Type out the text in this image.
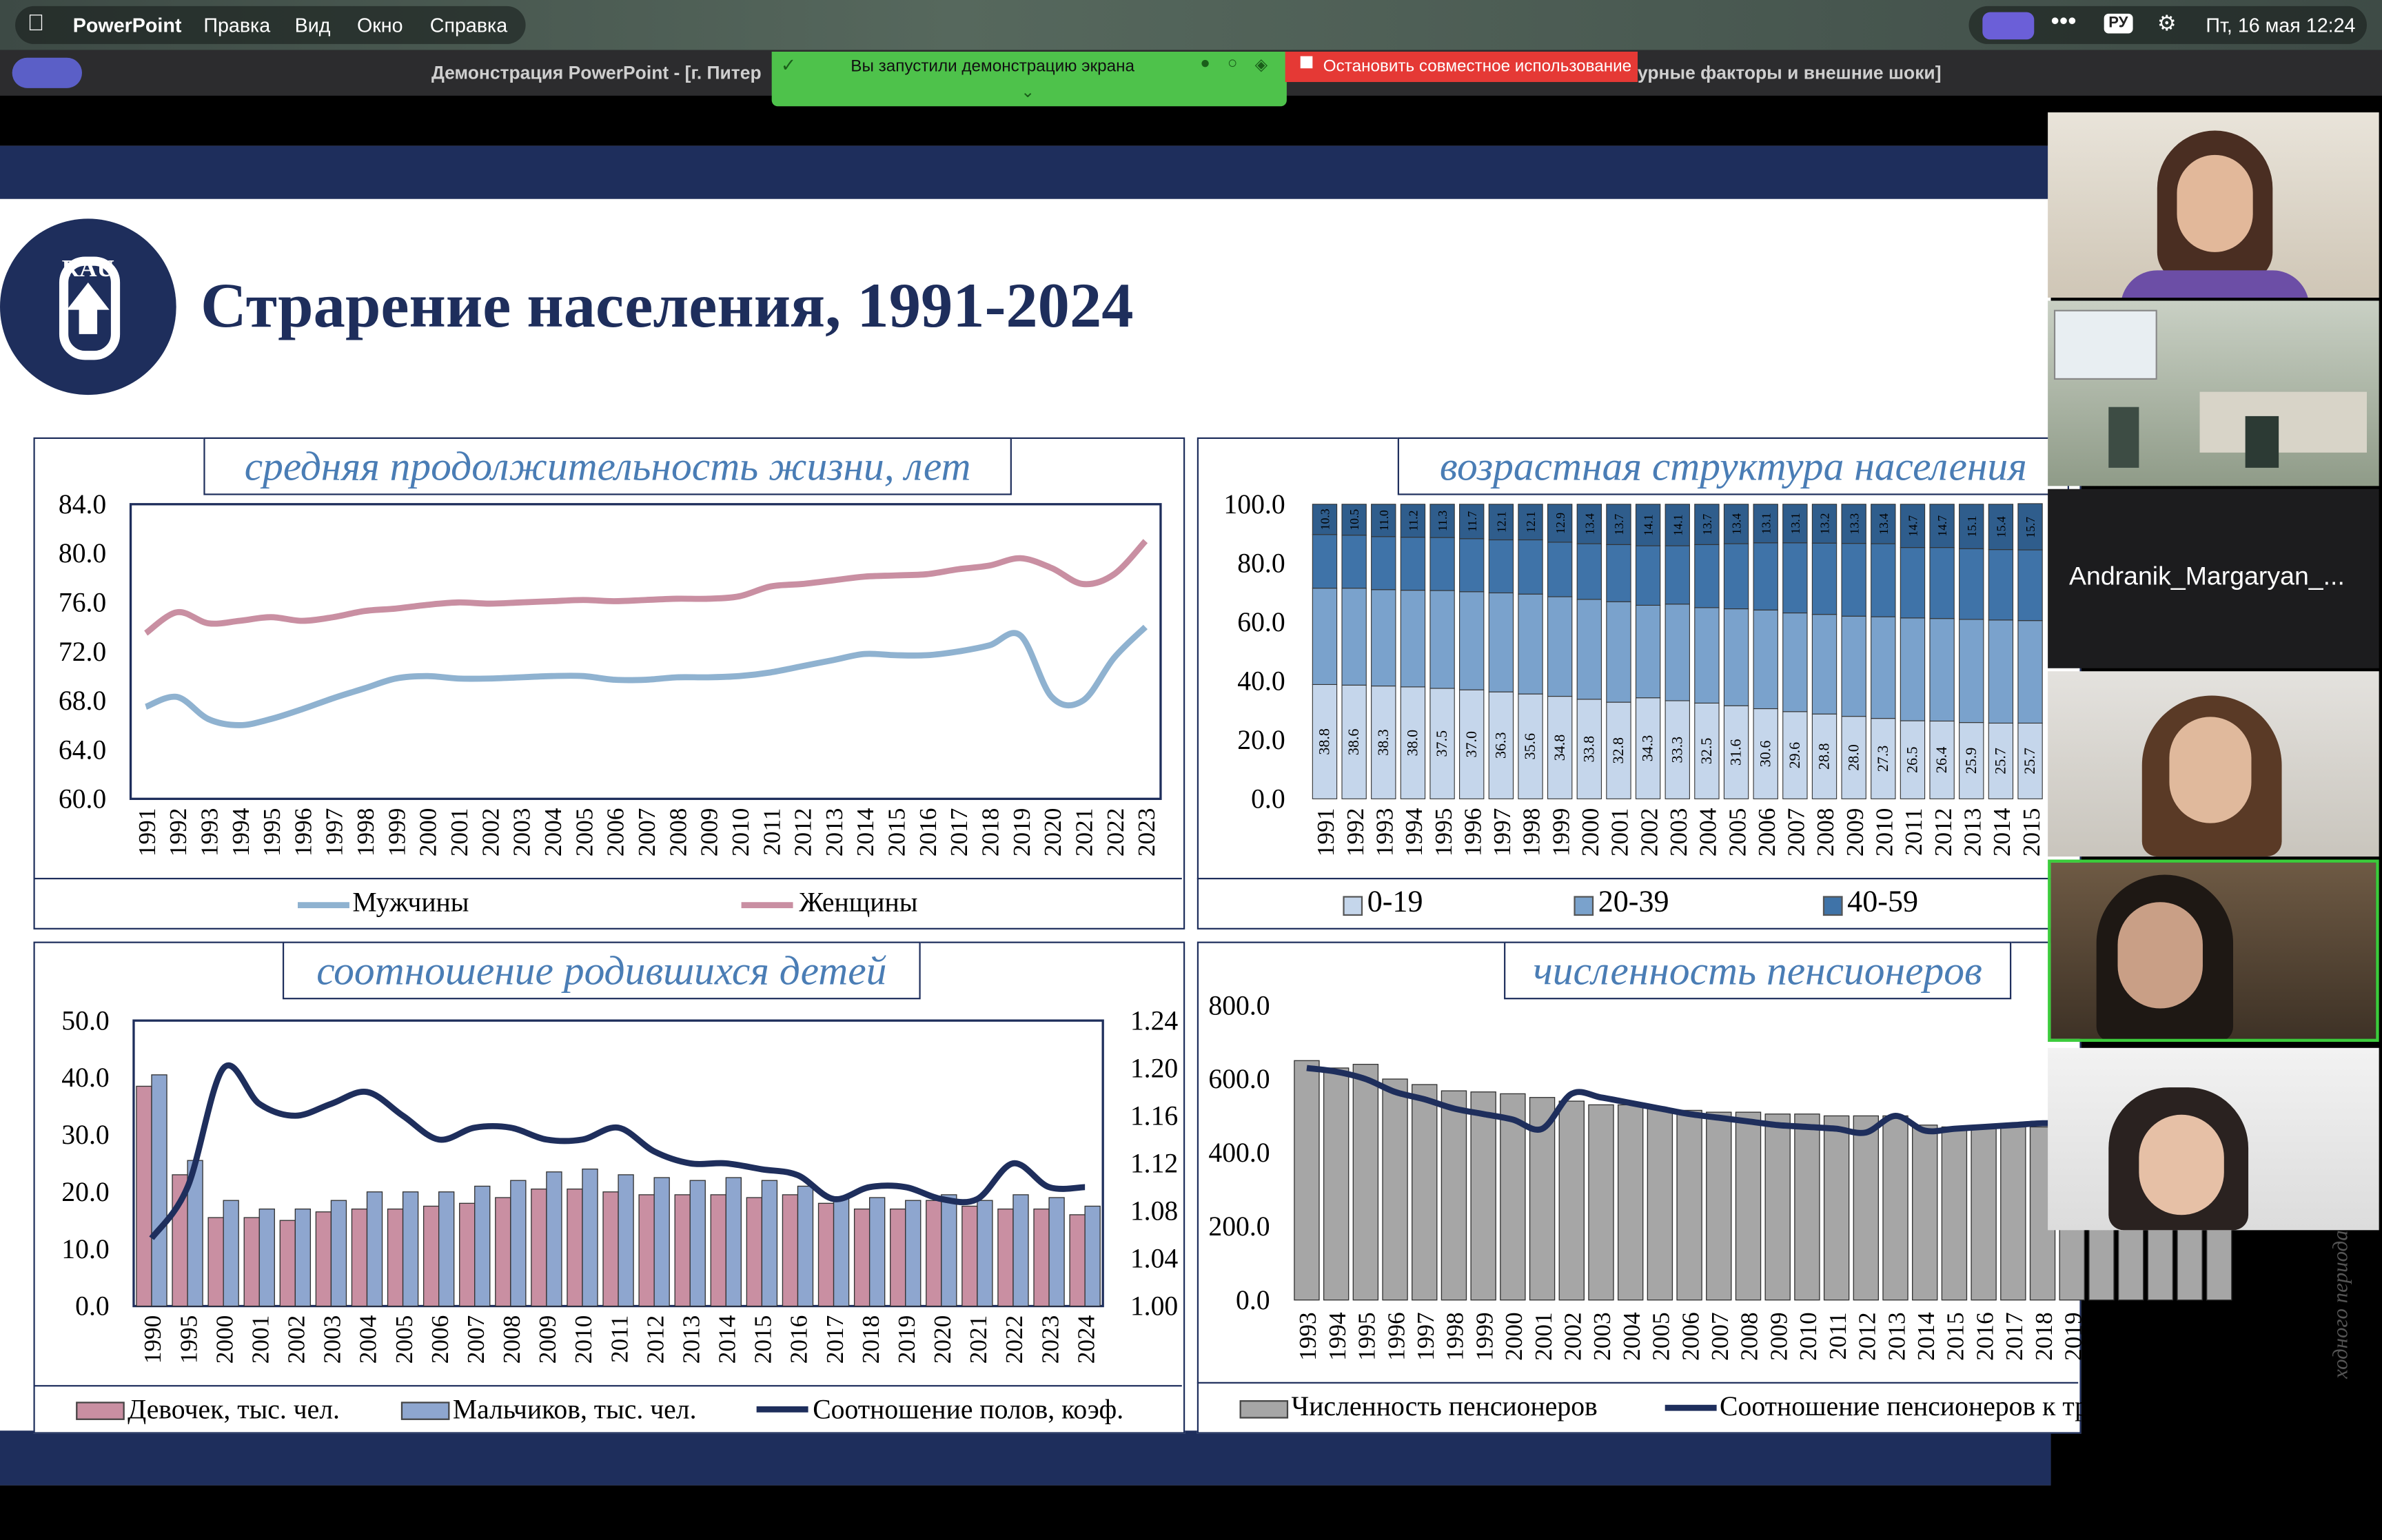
PowerPoint Правка	Вид	Окно	Справка	•••	РУ	⚙	Пт, 16 мая 12:24
Демонстрация PowerPoint - [г. Питер	урные факторы и внешние шоки]
✓	Вы запустили демонстрацию экрана	● ○ ◈
⌄
Остановить совместное использование
RAU
Страрение населения, 1991-2024
средняя продолжительность жизни, лет
60.0
64.0
68.0
72.0
76.0
80.0
84.0
1991 1992 1993 1994 1995 1996 1997 1998 1999 2000 2001 2002 2003 2004 2005 2006 2007 2008 2009 2010 2011 2012 2013 2014 2015 2016 2017 2018 2019 2020 2021 2022 2023
Мужчины	Женщины
возрастная структура населения
0.0
20.0
40.0
60.0
80.0
100.0
38.8
10.3
1991
38.6
10.5
1992
38.3
11.0
1993
38.0
11.2
1994
37.5
11.3
1995
37.0
11.7
1996
36.3
12.1
1997
35.6
12.1
1998
34.8
12.9
1999
33.8
13.4
2000
32.8
13.7
2001
34.3
14.1
2002
33.3
14.1
2003
32.5
13.7
2004
31.6
13.4
2005
30.6
13.1
2006
29.6
13.1
2007
28.8
13.2
2008
28.0
13.3
2009
27.3
13.4
2010
26.5
14.7
2011
26.4
14.7
2012
25.9
15.1
2013
25.7
15.4
2014
25.7
15.7
2015
0-19	20-39	40-59
соотношение родившихся детей
0.0
10.0
20.0
30.0
40.0
50.0
1.00
1.04
1.08
1.12
1.16
1.20
1.24
1990 1995 2000 2001 2002 2003 2004 2005 2006 2007 2008 2009 2010 2011 2012 2013 2014 2015 2016 2017 2018 2019 2020 2021 2022 2023 2024
Девочек, тыс. чел.	Мальчиков, тыс. чел.	Соотношение полов, коэф.
численность пенсионеров
0.0
200.0
400.0
600.0
800.0
1993 1994 1995 1996 1997 1998 1999 2000 2001 2002 2003 2004 2005 2006 2007 2008 2009 2010 2011 2012 2013 2014 2015 2016 2017 2018 2019 2020 2021 2022 2023 2024
Численность пенсионеров	Соотношение пенсионеров к трудос. нас., %
0.0	ходного периода
Andranik_Margaryan_...
